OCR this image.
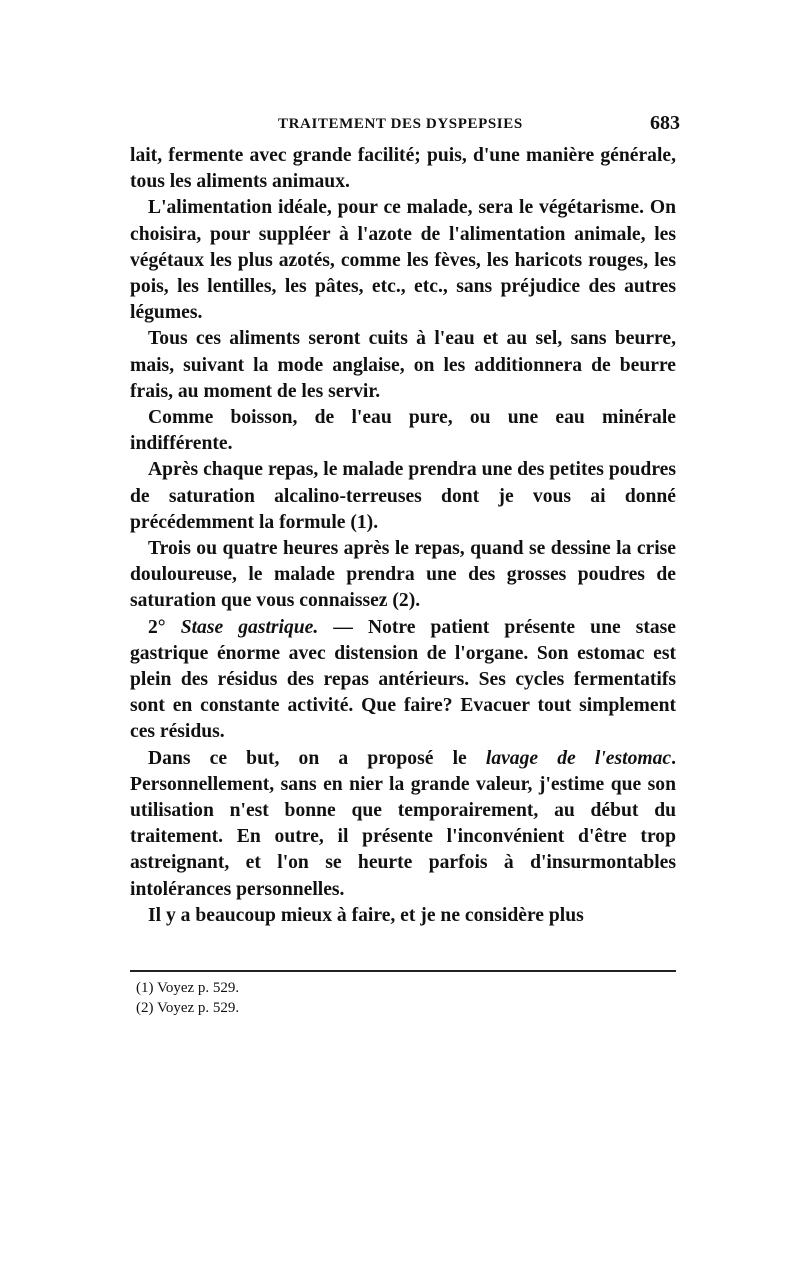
TRAITEMENT DES DYSPEPSIES	683

lait, fermente avec grande facilité; puis, d'une manière générale, tous les aliments animaux.

L'alimentation idéale, pour ce malade, sera le végétarisme. On choisira, pour suppléer à l'azote de l'alimentation animale, les végétaux les plus azotés, comme les fèves, les haricots rouges, les pois, les lentilles, les pâtes, etc., etc., sans préjudice des autres légumes.

Tous ces aliments seront cuits à l'eau et au sel, sans beurre, mais, suivant la mode anglaise, on les additionnera de beurre frais, au moment de les servir.

Comme boisson, de l'eau pure, ou une eau minérale indifférente.

Après chaque repas, le malade prendra une des petites poudres de saturation alcalino-terreuses dont je vous ai donné précédemment la formule (1).

Trois ou quatre heures après le repas, quand se dessine la crise douloureuse, le malade prendra une des grosses poudres de saturation que vous connaissez (2).

2° Stase gastrique. — Notre patient présente une stase gastrique énorme avec distension de l'organe. Son estomac est plein des résidus des repas antérieurs. Ses cycles fermentatifs sont en constante activité. Que faire? Evacuer tout simplement ces résidus.

Dans ce but, on a proposé le lavage de l'estomac. Personnellement, sans en nier la grande valeur, j'estime que son utilisation n'est bonne que temporairement, au début du traitement. En outre, il présente l'inconvénient d'être trop astreignant, et l'on se heurte parfois à d'insurmontables intolérances personnelles.

Il y a beaucoup mieux à faire, et je ne considère plus

(1) Voyez p. 529.
(2) Voyez p. 529.
